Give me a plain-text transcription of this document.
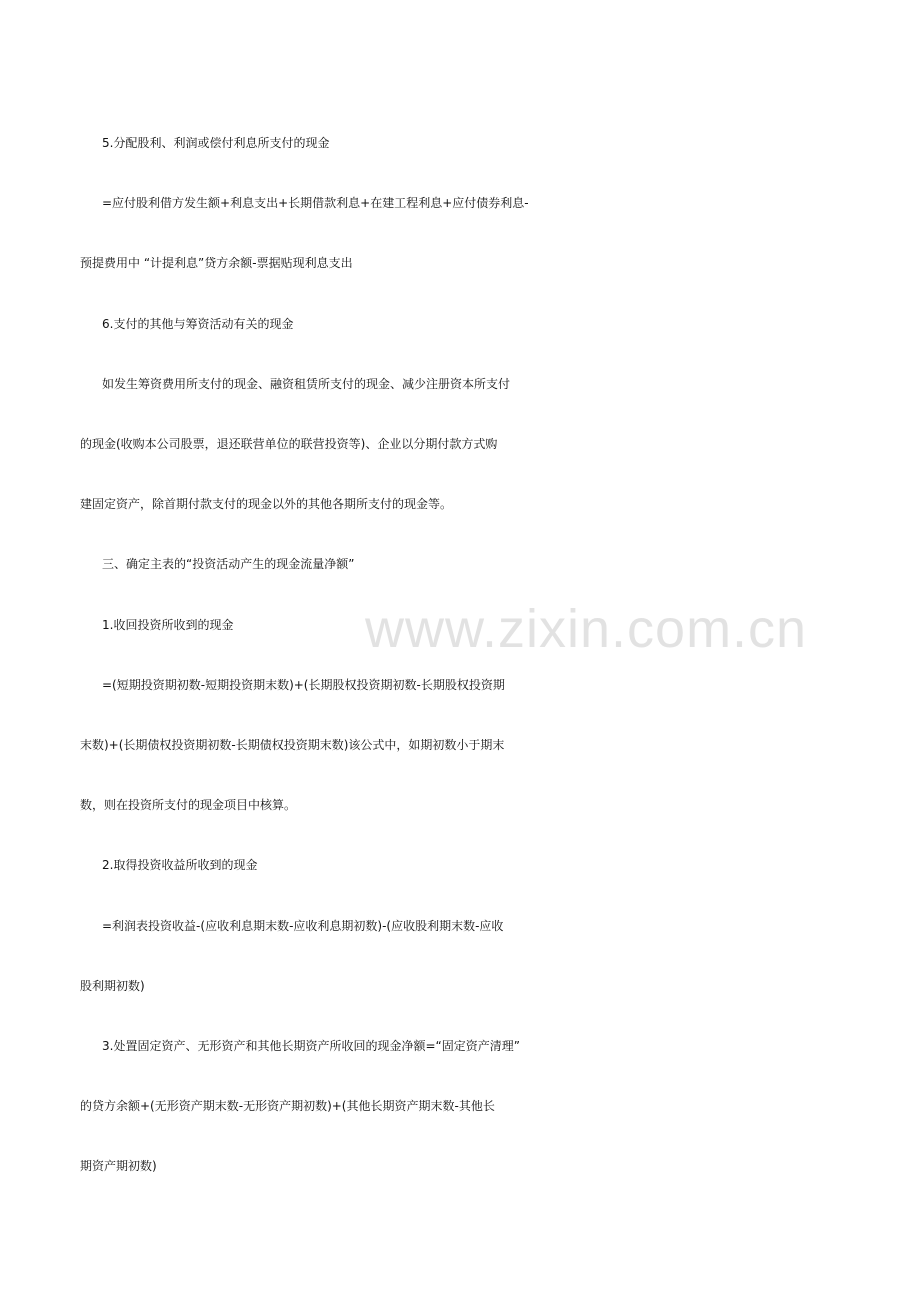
5.分配股利、利润或偿付利息所支付的现金
=应付股利借方发生额+利息支出+长期借款利息+在建工程利息+应付债券利息-
预提费用中 “计提利息”贷方余额-票据贴现利息支出
6.支付的其他与筹资活动有关的现金
如发生筹资费用所支付的现金、融资租赁所支付的现金、减少注册资本所支付
的现金(收购本公司股票，退还联营单位的联营投资等)、企业以分期付款方式购
建固定资产，除首期付款支付的现金以外的其他各期所支付的现金等。
三、确定主表的“投资活动产生的现金流量净额”
1.收回投资所收到的现金
=(短期投资期初数-短期投资期末数)+(长期股权投资期初数-长期股权投资期
末数)+(长期债权投资期初数-长期债权投资期末数)该公式中，如期初数小于期末
数，则在投资所支付的现金项目中核算。
2.取得投资收益所收到的现金
=利润表投资收益-(应收利息期末数-应收利息期初数)-(应收股利期末数-应收
股利期初数)
3.处置固定资产、无形资产和其他长期资产所收回的现金净额=“固定资产清理”
的贷方余额+(无形资产期末数-无形资产期初数)+(其他长期资产期末数-其他长
期资产期初数)
www.zixin.com.cn
